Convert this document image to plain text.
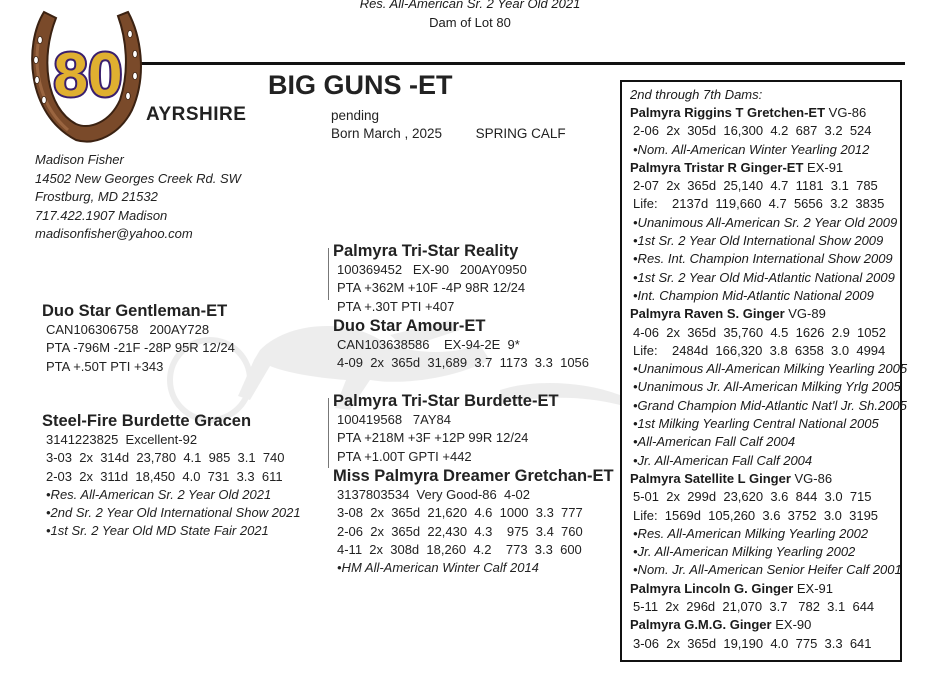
Res. All-American Sr. 2 Year Old 2021
Dam of Lot 80
80
AYRSHIRE
BIG GUNS -ET
pending
Born March , 2025 SPRING CALF
Madison Fisher
14502 New Georges Creek Rd. SW
Frostburg, MD 21532
717.422.1907 Madison
madisonfisher@yahoo.com
Duo Star Gentleman-ET
CAN106306758   200AY728
PTA -796M -21F -28P 95R 12/24
PTA +.50T PTI +343
Palmyra Tri-Star Reality
100369452   EX-90   200AY0950
PTA +362M +10F -4P 98R 12/24
PTA +.30T PTI +407
Duo Star Amour-ET
CAN103638586    EX-94-2E  9*
4-09  2x  365d  31,689  3.7  1173  3.3  1056
Steel-Fire Burdette Gracen
3141223825  Excellent-92
3-03  2x  314d  23,780  4.1  985  3.1  740
2-03  2x  311d  18,450  4.0  731  3.3  611
•Res. All-American Sr. 2 Year Old 2021
•2nd Sr. 2 Year Old International Show 2021
•1st Sr. 2 Year Old MD State Fair 2021
Palmyra Tri-Star Burdette-ET
100419568   7AY84
PTA +218M +3F +12P 99R 12/24
PTA +1.00T GPTI +442
Miss Palmyra Dreamer Gretchan-ET
3137803534  Very Good-86  4-02
3-08  2x  365d  21,620  4.6  1000  3.3  777
2-06  2x  365d  22,430  4.3    975  3.4  760
4-11  2x  308d  18,260  4.2    773  3.3  600
•HM All-American Winter Calf 2014
2nd through 7th Dams:
Palmyra Riggins T Gretchen-ET VG-86
2-06  2x  305d  16,300  4.2  687  3.2  524
•Nom. All-American Winter Yearling 2012
Palmyra Tristar R Ginger-ET EX-91
2-07  2x  365d  25,140  4.7  1181  3.1  785
Life:    2137d  119,660  4.7  5656  3.2  3835
•Unanimous All-American Sr. 2 Year Old 2009
•1st Sr. 2 Year Old International Show 2009
•Res. Int. Champion International Show 2009
•1st Sr. 2 Year Old Mid-Atlantic National 2009
•Int. Champion Mid-Atlantic National 2009
Palmyra Raven S. Ginger VG-89
4-06  2x  365d  35,760  4.5  1626  2.9  1052
Life:    2484d  166,320  3.8  6358  3.0  4994
•Unanimous All-American Milking Yearling 2005
•Unanimous Jr. All-American Milking Yrlg 2005
•Grand Champion Mid-Atlantic Nat'l Jr. Sh.2005
•1st Milking Yearling Central National 2005
•All-American Fall Calf 2004
•Jr. All-American Fall Calf 2004
Palmyra Satellite L Ginger VG-86
5-01  2x  299d  23,620  3.6  844  3.0  715
Life:  1569d  105,260  3.6  3752  3.0  3195
•Res. All-American Milking Yearling 2002
•Jr. All-American Milking Yearling 2002
•Nom. Jr. All-American Senior Heifer Calf 2001
Palmyra Lincoln G. Ginger EX-91
5-11  2x  296d  21,070  3.7   782  3.1  644
Palmyra G.M.G. Ginger EX-90
3-06  2x  365d  19,190  4.0  775  3.3  641
